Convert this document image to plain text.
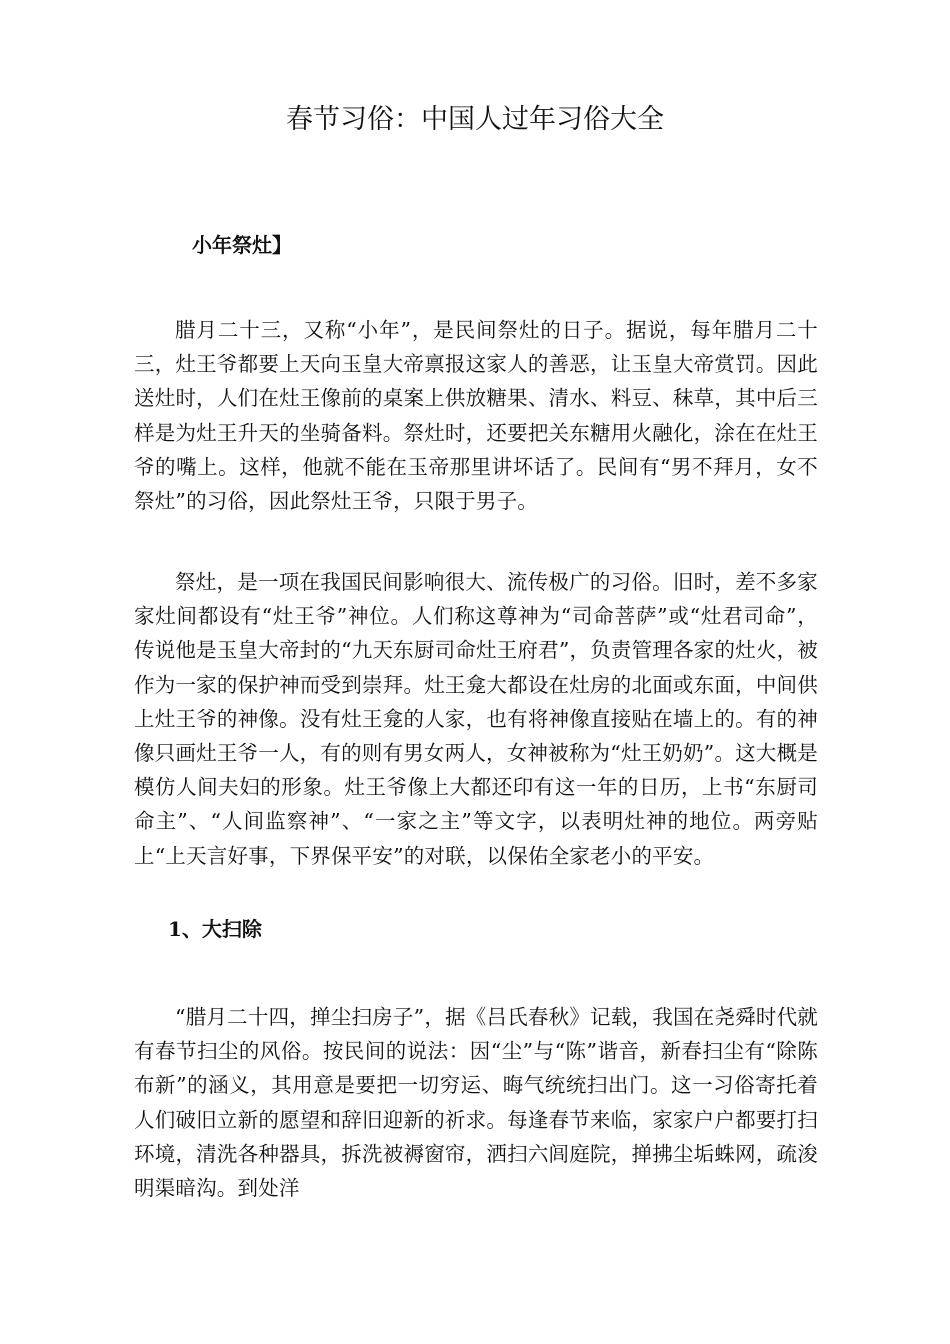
春节习俗：中国人过年习俗大全
小年祭灶】

腊月二十三，又称“小年”，是民间祭灶的日子。据说，每年腊月二十三，灶王爷都要上天向玉皇大帝禀报这家人的善恶，让玉皇大帝赏罚。因此送灶时，人们在灶王像前的桌案上供放糖果、清水、料豆、秣草，其中后三样是为灶王升天的坐骑备料。祭灶时，还要把关东糖用火融化，涂在在灶王爷的嘴上。这样，他就不能在玉帝那里讲坏话了。民间有“男不拜月，女不祭灶”的习俗，因此祭灶王爷，只限于男子。

祭灶，是一项在我国民间影响很大、流传极广的习俗。旧时，差不多家家灶间都设有“灶王爷”神位。人们称这尊神为“司命菩萨”或“灶君司命”，传说他是玉皇大帝封的“九天东厨司命灶王府君”，负责管理各家的灶火，被作为一家的保护神而受到崇拜。灶王龛大都设在灶房的北面或东面，中间供上灶王爷的神像。没有灶王龛的人家，也有将神像直接贴在墙上的。有的神像只画灶王爷一人，有的则有男女两人，女神被称为“灶王奶奶”。这大概是模仿人间夫妇的形象。灶王爷像上大都还印有这一年的日历，上书“东厨司命主”、“人间监察神”、“一家之主”等文字，以表明灶神的地位。两旁贴上“上天言好事，下界保平安”的对联，以保佑全家老小的平安。

1、大扫除

“腊月二十四，掸尘扫房子”，据《吕氏春秋》记载，我国在尧舜时代就有春节扫尘的风俗。按民间的说法：因“尘”与“陈”谐音，新春扫尘有“除陈布新”的涵义，其用意是要把一切穷运、晦气统统扫出门。这一习俗寄托着人们破旧立新的愿望和辞旧迎新的祈求。每逢春节来临，家家户户都要打扫环境，清洗各种器具，拆洗被褥窗帘，洒扫六闾庭院，掸拂尘垢蛛网，疏浚明渠暗沟。到处洋
